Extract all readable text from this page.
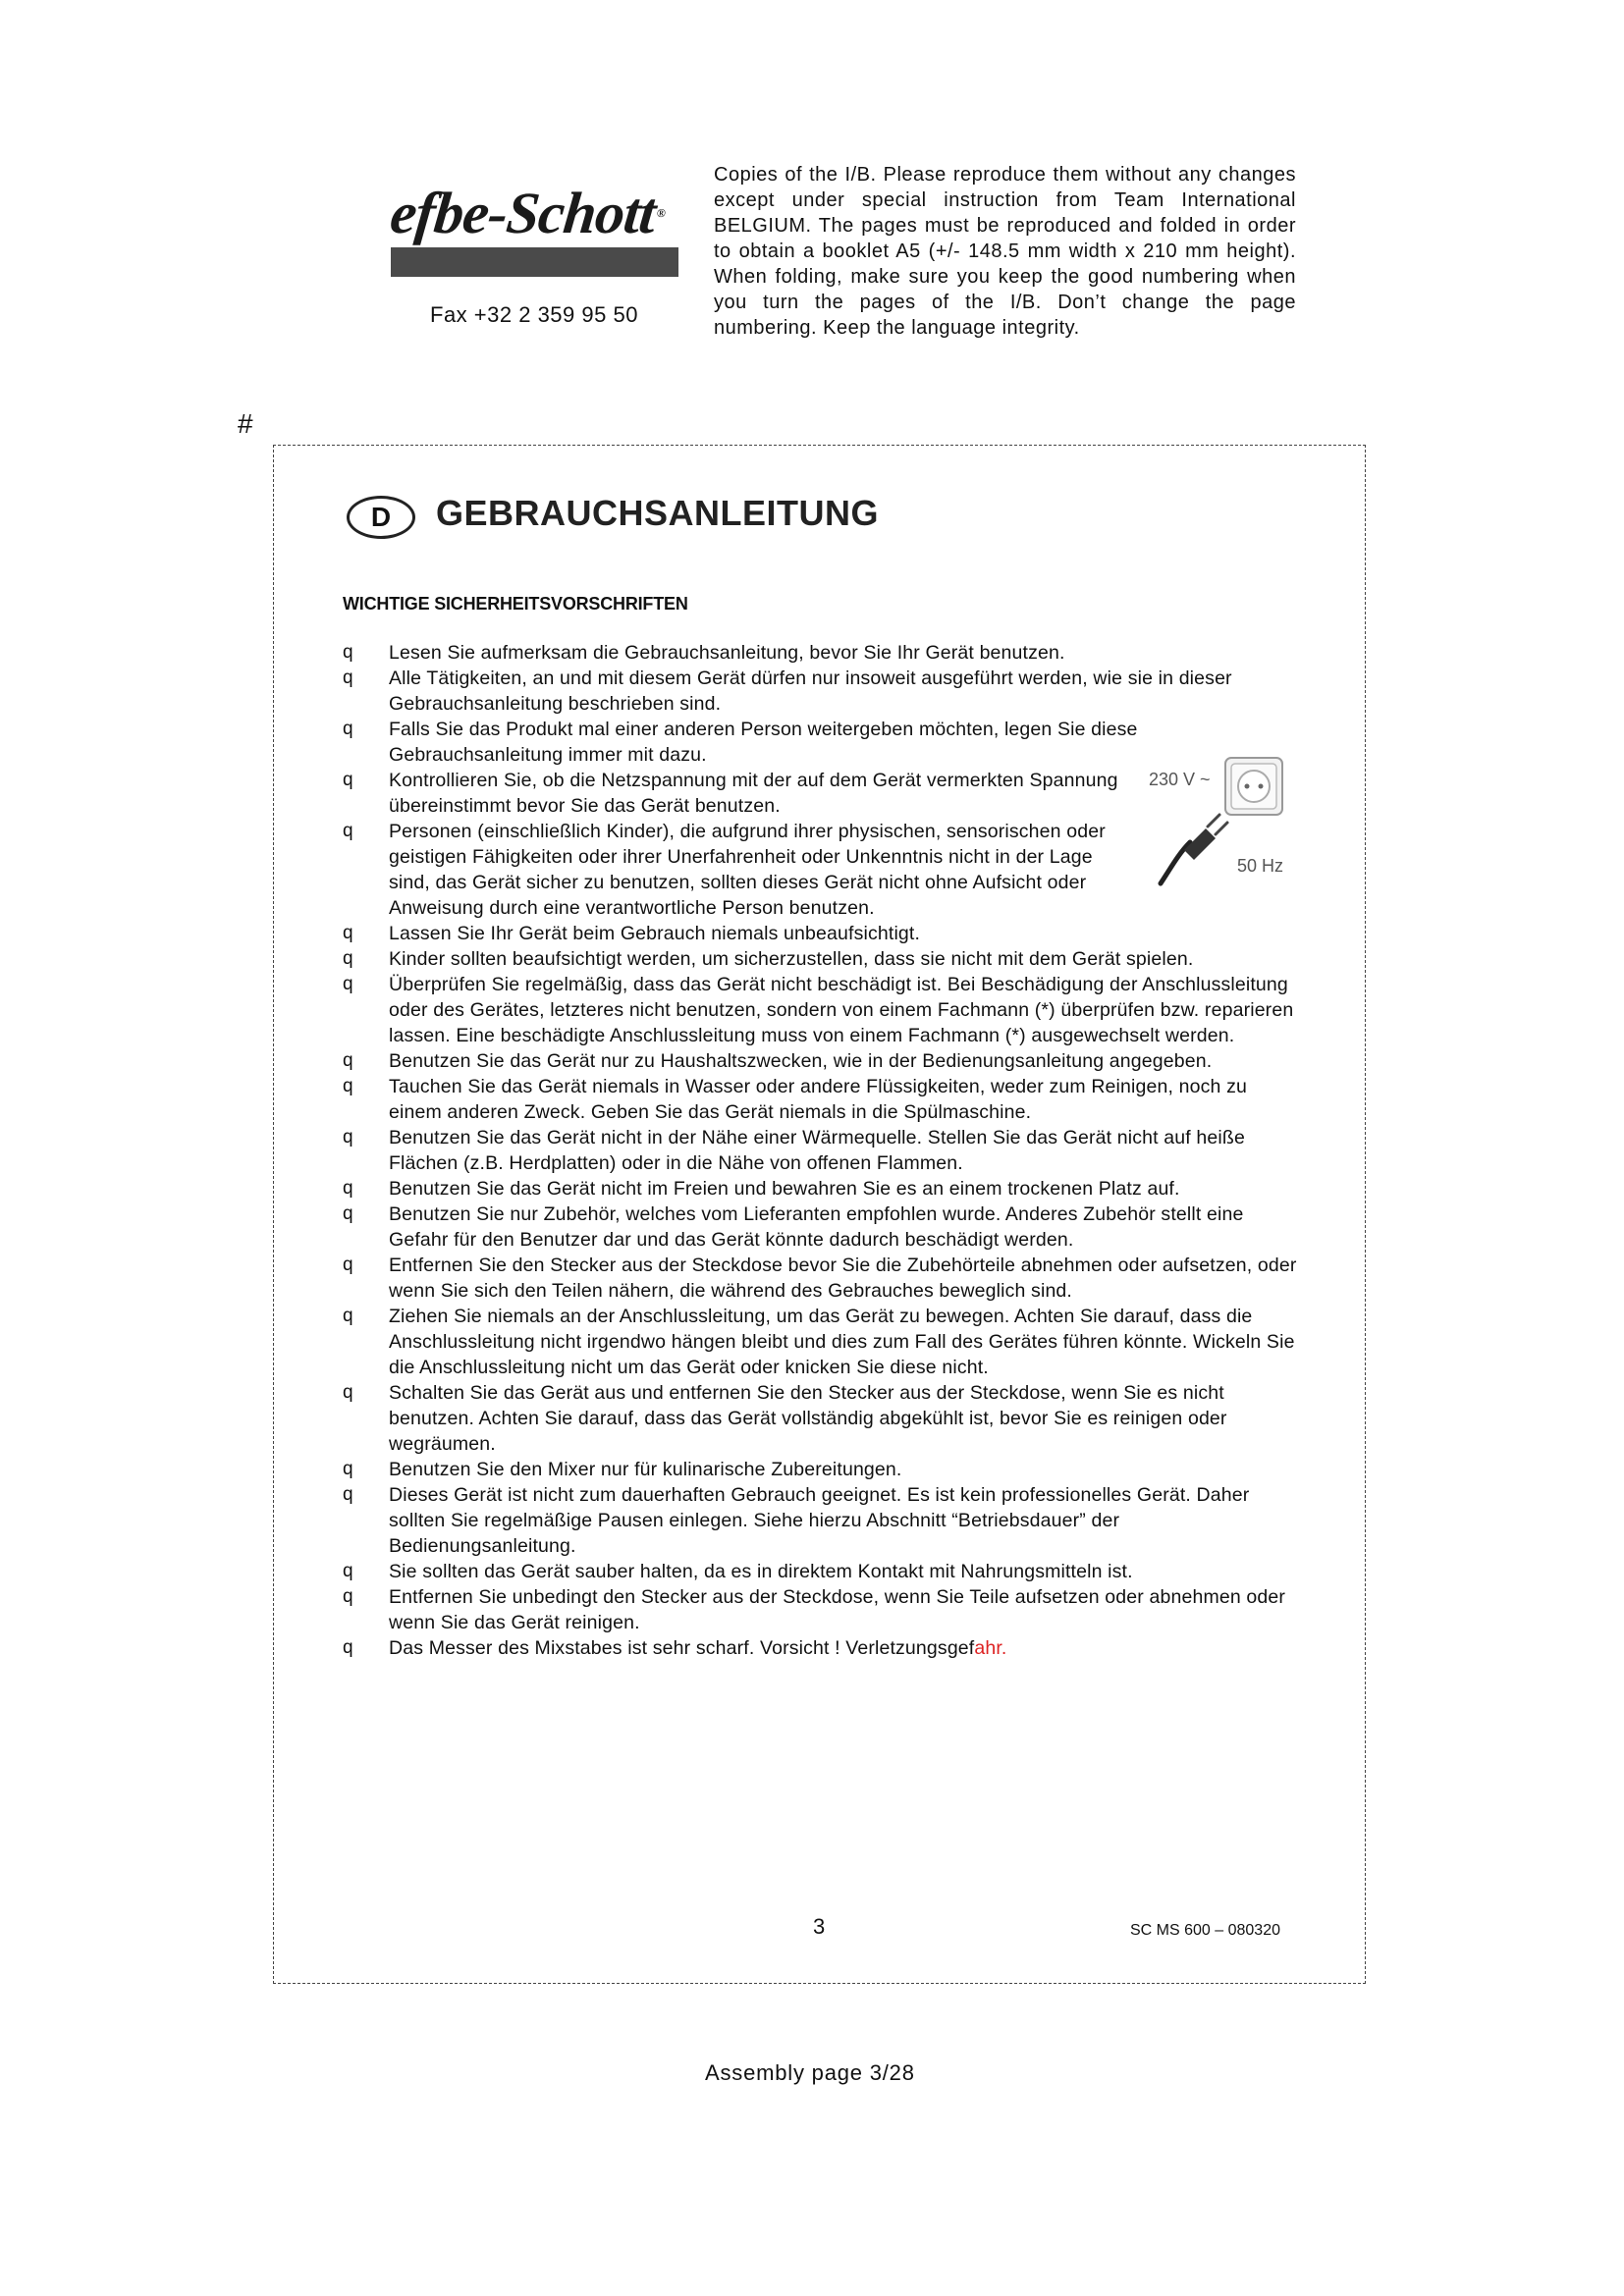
efbe-Schott®
Fax +32 2 359 95 50
Copies of the I/B. Please reproduce them without any changes except under special instruction from Team International BELGIUM. The pages must be reproduced and folded in order to obtain a booklet A5 (+/- 148.5 mm width x 210 mm height). When folding, make sure you keep the good numbering when you turn the pages of the I/B. Don’t change the page numbering. Keep the language integrity.
#
D	GEBRAUCHSANLEITUNG
WICHTIGE SICHERHEITSVORSCHRIFTEN
q Lesen Sie aufmerksam die Gebrauchsanleitung, bevor Sie Ihr Gerät benutzen.
q Alle Tätigkeiten, an und mit diesem Gerät dürfen nur insoweit ausgeführt werden, wie sie in dieser Gebrauchsanleitung beschrieben sind.
q Falls Sie das Produkt mal einer anderen Person weitergeben möchten, legen Sie diese Gebrauchsanleitung immer mit dazu.
q Kontrollieren Sie, ob die Netzspannung mit der auf dem Gerät vermerkten Spannung übereinstimmt bevor Sie das Gerät benutzen.
q Personen (einschließlich Kinder), die aufgrund ihrer physischen, sensorischen oder geistigen Fähigkeiten oder ihrer Unerfahrenheit oder Unkenntnis nicht in der Lage sind, das Gerät sicher zu benutzen, sollten dieses Gerät nicht ohne Aufsicht oder Anweisung durch eine verantwortliche Person benutzen.
q Lassen Sie Ihr Gerät beim Gebrauch niemals unbeaufsichtigt.
q Kinder sollten beaufsichtigt werden, um sicherzustellen, dass sie nicht mit dem Gerät spielen.
q Überprüfen Sie regelmäßig, dass das Gerät nicht beschädigt ist. Bei Beschädigung der Anschlussleitung oder des Gerätes, letzteres nicht benutzen, sondern von einem Fachmann (*) überprüfen bzw. reparieren lassen. Eine beschädigte Anschlussleitung muss von einem Fachmann (*) ausgewechselt werden.
q Benutzen Sie das Gerät nur zu Haushaltszwecken, wie in der Bedienungsanleitung angegeben.
q Tauchen Sie das Gerät niemals in Wasser oder andere Flüssigkeiten, weder zum Reinigen, noch zu einem anderen Zweck. Geben Sie das Gerät niemals in die Spülmaschine.
q Benutzen Sie das Gerät nicht in der Nähe einer Wärmequelle. Stellen Sie das Gerät nicht auf heiße Flächen (z.B. Herdplatten) oder in die Nähe von offenen Flammen.
q Benutzen Sie das Gerät nicht im Freien und bewahren Sie es an einem trockenen Platz auf.
q Benutzen Sie nur Zubehör, welches vom Lieferanten empfohlen wurde. Anderes Zubehör stellt eine Gefahr für den Benutzer dar und das Gerät könnte dadurch beschädigt werden.
q Entfernen Sie den Stecker aus der Steckdose bevor Sie die Zubehörteile abnehmen oder aufsetzen, oder wenn Sie sich den Teilen nähern, die während des Gebrauches beweglich sind.
q Ziehen Sie niemals an der Anschlussleitung, um das Gerät zu bewegen. Achten Sie darauf, dass die Anschlussleitung nicht irgendwo hängen bleibt und dies zum Fall des Gerätes führen könnte. Wickeln Sie die Anschlussleitung nicht um das Gerät oder knicken Sie diese nicht.
q Schalten Sie das Gerät aus und entfernen Sie den Stecker aus der Steckdose, wenn Sie es nicht benutzen. Achten Sie darauf, dass das Gerät vollständig abgekühlt ist, bevor Sie es reinigen oder wegräumen.
q Benutzen Sie den Mixer nur für kulinarische Zubereitungen.
q Dieses Gerät ist nicht zum dauerhaften Gebrauch geeignet. Es ist kein professionelles Gerät. Daher sollten Sie regelmäßige Pausen einlegen. Siehe hierzu Abschnitt “Betriebsdauer” der Bedienungsanleitung.
q Sie sollten das Gerät sauber halten, da es in direktem Kontakt mit Nahrungsmitteln ist.
q Entfernen Sie unbedingt den Stecker aus der Steckdose, wenn Sie Teile aufsetzen oder abnehmen oder wenn Sie das Gerät reinigen.
q Das Messer des Mixstabes ist sehr scharf. Vorsicht ! Verletzungsgefahr.
230 V ~
50 Hz
3	SC MS 600 – 080320
Assembly page 3/28
